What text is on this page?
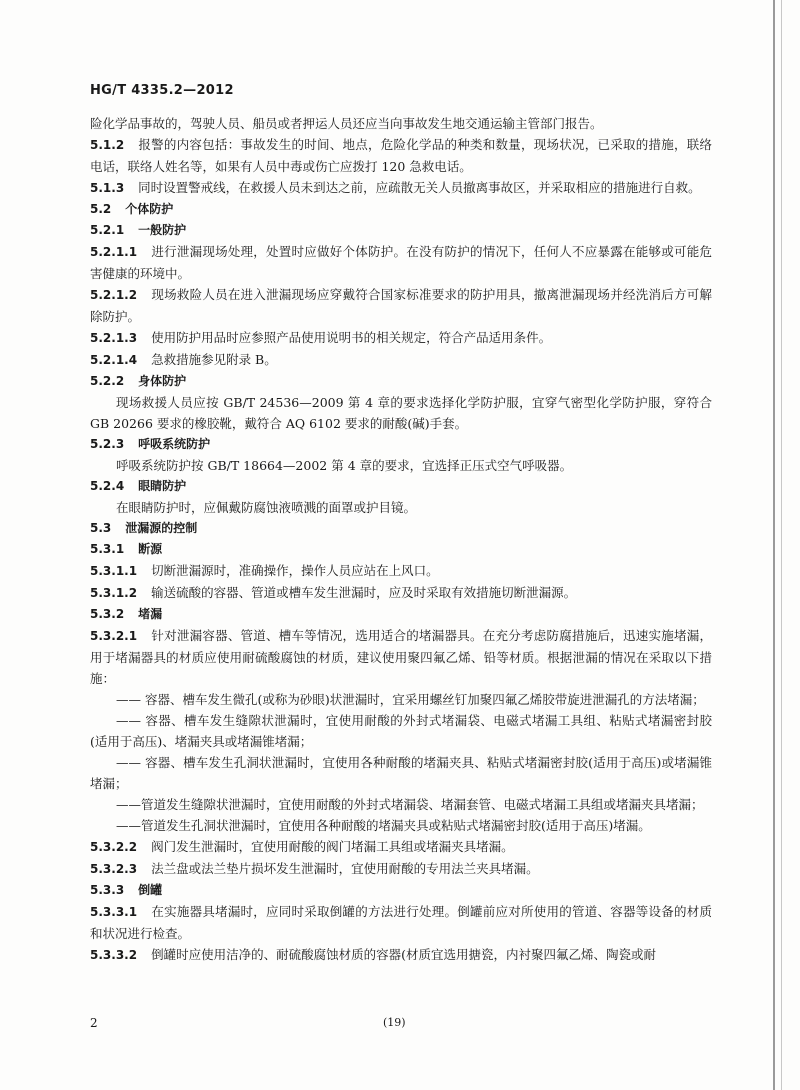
HG/T 4335.2—2012

险化学品事故的，驾驶人员、船员或者押运人员还应当向事故发生地交通运输主管部门报告。

5.1.2 报警的内容包括：事故发生的时间、地点，危险化学品的种类和数量，现场状况，已采取的措施，联络电话，联络人姓名等，如果有人员中毒或伤亡应拨打 120 急救电话。

5.1.3 同时设置警戒线，在救援人员未到达之前，应疏散无关人员撤离事故区，并采取相应的措施进行自救。

5.2 个体防护

5.2.1 一般防护

5.2.1.1 进行泄漏现场处理，处置时应做好个体防护。在没有防护的情况下，任何人不应暴露在能够或可能危害健康的环境中。

5.2.1.2 现场救险人员在进入泄漏现场应穿戴符合国家标准要求的防护用具，撤离泄漏现场并经洗消后方可解除防护。

5.2.1.3 使用防护用品时应参照产品使用说明书的相关规定，符合产品适用条件。

5.2.1.4 急救措施参见附录 B。

5.2.2 身体防护

现场救援人员应按 GB/T 24536—2009 第 4 章的要求选择化学防护服，宜穿气密型化学防护服，穿符合 GB 20266 要求的橡胶靴，戴符合 AQ 6102 要求的耐酸(碱)手套。

5.2.3 呼吸系统防护

呼吸系统防护按 GB/T 18664—2002 第 4 章的要求，宜选择正压式空气呼吸器。

5.2.4 眼睛防护

在眼睛防护时，应佩戴防腐蚀液喷溅的面罩或护目镜。

5.3 泄漏源的控制

5.3.1 断源

5.3.1.1 切断泄漏源时，准确操作，操作人员应站在上风口。

5.3.1.2 输送硫酸的容器、管道或槽车发生泄漏时，应及时采取有效措施切断泄漏源。

5.3.2 堵漏

5.3.2.1 针对泄漏容器、管道、槽车等情况，选用适合的堵漏器具。在充分考虑防腐措施后，迅速实施堵漏，用于堵漏器具的材质应使用耐硫酸腐蚀的材质，建议使用聚四氟乙烯、铅等材质。根据泄漏的情况在采取以下措施：

—— 容器、槽车发生微孔(或称为砂眼)状泄漏时，宜采用螺丝钉加聚四氟乙烯胶带旋进泄漏孔的方法堵漏；

—— 容器、槽车发生缝隙状泄漏时，宜使用耐酸的外封式堵漏袋、电磁式堵漏工具组、粘贴式堵漏密封胶(适用于高压)、堵漏夹具或堵漏锥堵漏；

—— 容器、槽车发生孔洞状泄漏时，宜使用各种耐酸的堵漏夹具、粘贴式堵漏密封胶(适用于高压)或堵漏锥堵漏；

——管道发生缝隙状泄漏时，宜使用耐酸的外封式堵漏袋、堵漏套管、电磁式堵漏工具组或堵漏夹具堵漏；

——管道发生孔洞状泄漏时，宜使用各种耐酸的堵漏夹具或粘贴式堵漏密封胶(适用于高压)堵漏。

5.3.2.2 阀门发生泄漏时，宜使用耐酸的阀门堵漏工具组或堵漏夹具堵漏。

5.3.2.3 法兰盘或法兰垫片损坏发生泄漏时，宜使用耐酸的专用法兰夹具堵漏。

5.3.3 倒罐

5.3.3.1 在实施器具堵漏时，应同时采取倒罐的方法进行处理。倒罐前应对所使用的管道、容器等设备的材质和状况进行检查。

5.3.3.2 倒罐时应使用洁净的、耐硫酸腐蚀材质的容器(材质宜选用搪瓷，内衬聚四氟乙烯、陶瓷或耐

2	(19)
